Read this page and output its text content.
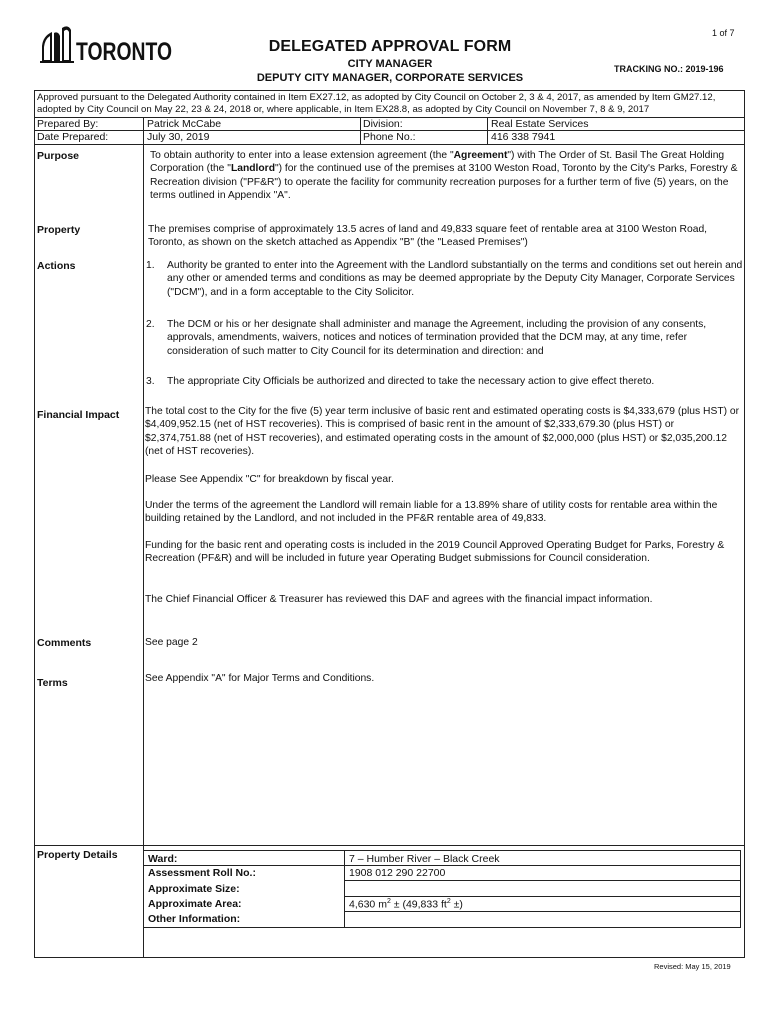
1 of 7
TORONTO	DELEGATED APPROVAL FORM
CITY MANAGER
DEPUTY CITY MANAGER, CORPORATE SERVICES
TRACKING NO.: 2019-196
Approved pursuant to the Delegated Authority contained in Item EX27.12, as adopted by City Council on October 2, 3 & 4, 2017, as amended by Item GM27.12, adopted by City Council on May 22, 23 & 24, 2018 or, where applicable, in Item EX28.8, as adopted by City Council on November 7, 8 & 9, 2017
Prepared By:	Patrick McCabe	Division:	Real Estate Services
Date Prepared:	July 30, 2019	Phone No.:	416 338 7941
Purpose	To obtain authority to enter into a lease extension agreement (the "Agreement") with The Order of St. Basil The Great Holding Corporation (the "Landlord") for the continued use of the premises at 3100 Weston Road, Toronto by the City's Parks, Forestry & Recreation division ("PF&R") to operate the facility for community recreation purposes for a further term of five (5) years, on the terms outlined in Appendix "A".
Property	The premises comprise of approximately 13.5 acres of land and 49,833 square feet of rentable area at 3100 Weston Road, Toronto, as shown on the sketch attached as Appendix "B" (the "Leased Premises")
Actions	1. Authority be granted to enter into the Agreement with the Landlord substantially on the terms and conditions set out herein and any other or amended terms and conditions as may be deemed appropriate by the Deputy City Manager, Corporate Services ("DCM"), and in a form acceptable to the City Solicitor.
2. The DCM or his or her designate shall administer and manage the Agreement, including the provision of any consents, approvals, amendments, waivers, notices and notices of termination provided that the DCM may, at any time, refer consideration of such matter to City Council for its determination and direction: and
3. The appropriate City Officials be authorized and directed to take the necessary action to give effect thereto.
Financial Impact The total cost to the City for the five (5) year term inclusive of basic rent and estimated operating costs is $4,333,679 (plus HST) or $4,409,952.15 (net of HST recoveries). This is comprised of basic rent in the amount of $2,333,679.30 (plus HST) or $2,374,751.88 (net of HST recoveries), and estimated operating costs in the amount of $2,000,000 (plus HST) or $2,035,200.12 (net of HST recoveries).
Please See Appendix "C" for breakdown by fiscal year.
Under the terms of the agreement the Landlord will remain liable for a 13.89% share of utility costs for rentable area within the building retained by the Landlord, and not included in the PF&R rentable area of 49,833.
Funding for the basic rent and operating costs is included in the 2019 Council Approved Operating Budget for Parks, Forestry & Recreation (PF&R) and will be included in future year Operating Budget submissions for Council consideration.
The Chief Financial Officer & Treasurer has reviewed this DAF and agrees with the financial impact information.
Comments	See page 2
Terms	See Appendix "A" for Major Terms and Conditions.
Property Details	Ward:	7 – Humber River – Black Creek
Assessment Roll No.:	1908 012 290 22700
Approximate Size:
Approximate Area:	4,630 $m^2 \pm (49,833$ $ft^2$ ±)
Other Information:
Revised: May 15, 2019
